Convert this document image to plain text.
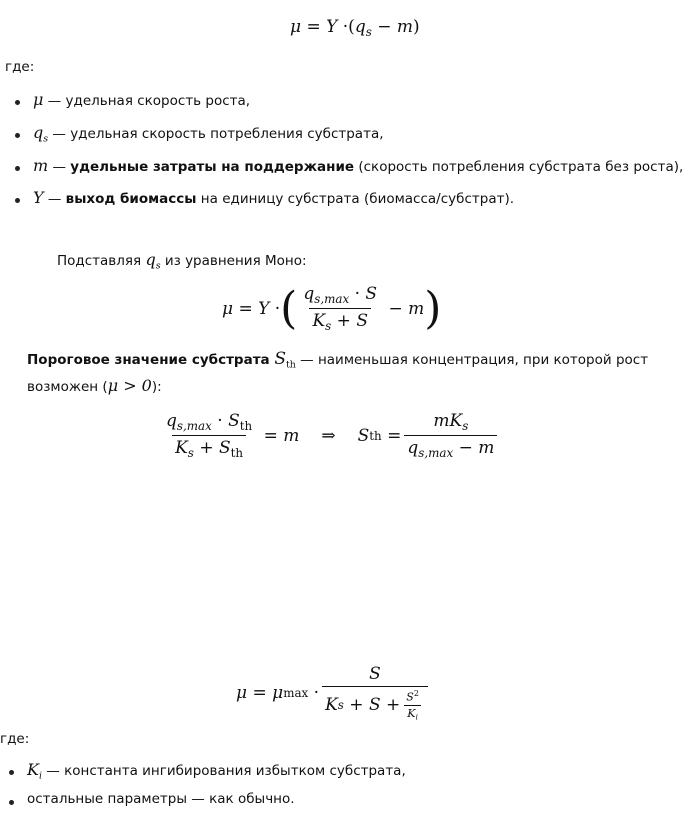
$\mu = Y \cdot(q_s - m)$
где:
μ — удельная скорость роста,
$q_s$ — удельная скорость потребления субстрата,
m — удельные затраты на поддержание (скорость потребления субстрата без роста),
Y — выход биомассы на единицу субстрата (биомасса/субстрат).
Подставляя $q_s$ из уравнения Моно:
μ
=
Y
· ( $\frac{q_{s,max} \cdot S}{K_s + S}$
−
m )
Пороговое значение субстрата $S_{th}$ — наименьшая концентрация, при которой рост
возможен (μ > 0):
$\frac{q_{s,max} \cdot S_{th}}{K_s + S_{th}}$
=
m ⇒ S th
= $\frac{mK_s}{q_{s,max} - m}$
μ
=
μ max
· S
K s
+
S
+ $\frac{S^2}{K_i}$
где:
$K_i$ — константа ингибирования избытком субстрата,
остальные параметры — как обычно.
